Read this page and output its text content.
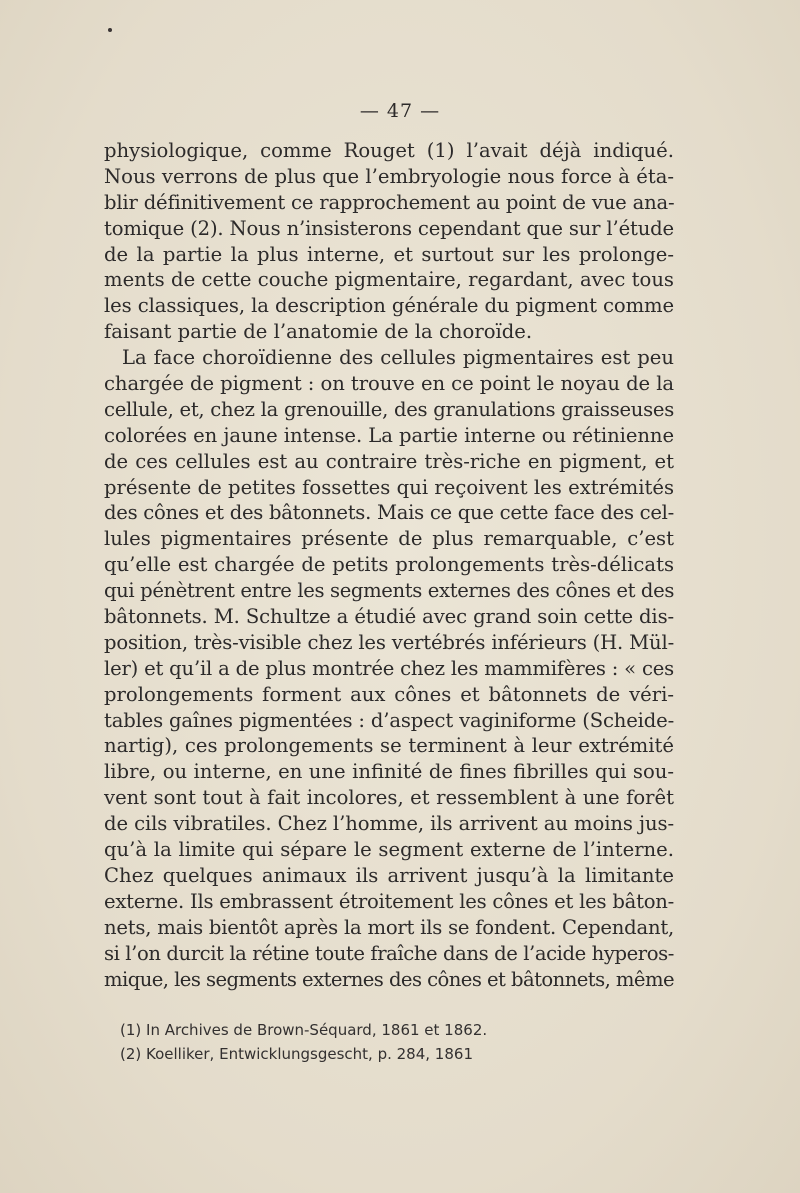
— 47 —
physiologique, comme Rouget (1) l’avait déjà indiqué.
Nous verrons de plus que l’embryologie nous force à éta-
blir définitivement ce rapprochement au point de vue ana-
tomique (2). Nous n’insisterons cependant que sur l’étude
de la partie la plus interne, et surtout sur les prolonge-
ments de cette couche pigmentaire, regardant, avec tous
les classiques, la description générale du pigment comme
faisant partie de l’anatomie de la choroïde.
La face choroïdienne des cellules pigmentaires est peu
chargée de pigment : on trouve en ce point le noyau de la
cellule, et, chez la grenouille, des granulations graisseuses
colorées en jaune intense. La partie interne ou rétinienne
de ces cellules est au contraire très-riche en pigment, et
présente de petites fossettes qui reçoivent les extrémités
des cônes et des bâtonnets. Mais ce que cette face des cel-
lules pigmentaires présente de plus remarquable, c’est
qu’elle est chargée de petits prolongements très-délicats
qui pénètrent entre les segments externes des cônes et des
bâtonnets. M. Schultze a étudié avec grand soin cette dis-
position, très-visible chez les vertébrés inférieurs (H. Mül-
ler) et qu’il a de plus montrée chez les mammifères : « ces
prolongements forment aux cônes et bâtonnets de véri-
tables gaînes pigmentées : d’aspect vaginiforme (Scheide-
nartig), ces prolongements se terminent à leur extrémité
libre, ou interne, en une infinité de fines fibrilles qui sou-
vent sont tout à fait incolores, et ressemblent à une forêt
de cils vibratiles. Chez l’homme, ils arrivent au moins jus-
qu’à la limite qui sépare le segment externe de l’interne.
Chez quelques animaux ils arrivent jusqu’à la limitante
externe. Ils embrassent étroitement les cônes et les bâton-
nets, mais bientôt après la mort ils se fondent. Cependant,
si l’on durcit la rétine toute fraîche dans de l’acide hyperos-
mique, les segments externes des cônes et bâtonnets, même
(1) In Archives de Brown-Séquard, 1861 et 1862.
(2) Koelliker, Entwicklungsgescht, p. 284, 1861
